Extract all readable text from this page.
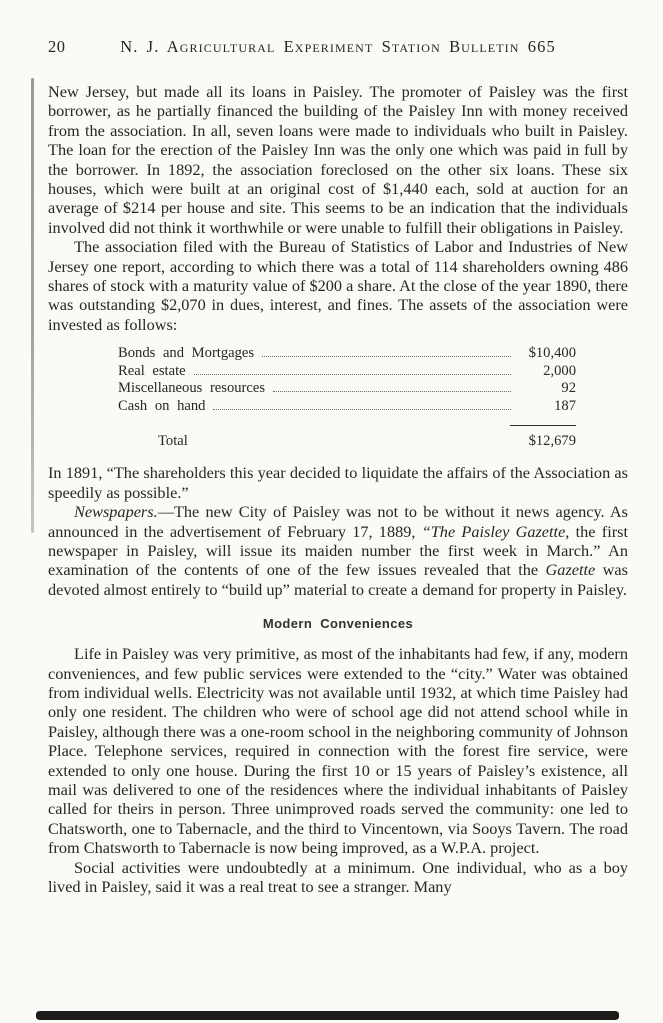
20	N. J. Agricultural Experiment Station Bulletin 665

New Jersey, but made all its loans in Paisley. The promoter of Paisley was the first borrower, as he partially financed the building of the Paisley Inn with money received from the association. In all, seven loans were made to individuals who built in Paisley. The loan for the erection of the Paisley Inn was the only one which was paid in full by the borrower. In 1892, the association foreclosed on the other six loans. These six houses, which were built at an original cost of $1,440 each, sold at auction for an average of $214 per house and site. This seems to be an indication that the individuals involved did not think it worthwhile or were unable to fulfill their obligations in Paisley.

The association filed with the Bureau of Statistics of Labor and Industries of New Jersey one report, according to which there was a total of 114 shareholders owning 486 shares of stock with a maturity value of $200 a share. At the close of the year 1890, there was outstanding $2,070 in dues, interest, and fines. The assets of the association were invested as follows:

Bonds and Mortgages	$10,400
Real estate	2,000
Miscellaneous resources	92
Cash on hand	187
Total	$12,679

In 1891, “The shareholders this year decided to liquidate the affairs of the Association as speedily as possible.”

Newspapers.—The new City of Paisley was not to be without it news agency. As announced in the advertisement of February 17, 1889, “The Paisley Gazette, the first newspaper in Paisley, will issue its maiden number the first week in March.” An examination of the contents of one of the few issues revealed that the Gazette was devoted almost entirely to “build up” material to create a demand for property in Paisley.

Modern Conveniences

Life in Paisley was very primitive, as most of the inhabitants had few, if any, modern conveniences, and few public services were extended to the “city.” Water was obtained from individual wells. Electricity was not available until 1932, at which time Paisley had only one resident. The children who were of school age did not attend school while in Paisley, although there was a one-room school in the neighboring community of Johnson Place. Telephone services, required in connection with the forest fire service, were extended to only one house. During the first 10 or 15 years of Paisley’s existence, all mail was delivered to one of the residences where the individual inhabitants of Paisley called for theirs in person. Three unimproved roads served the community: one led to Chatsworth, one to Tabernacle, and the third to Vincentown, via Sooys Tavern. The road from Chatsworth to Tabernacle is now being improved, as a W.P.A. project.

Social activities were undoubtedly at a minimum. One individual, who as a boy lived in Paisley, said it was a real treat to see a stranger. Many
